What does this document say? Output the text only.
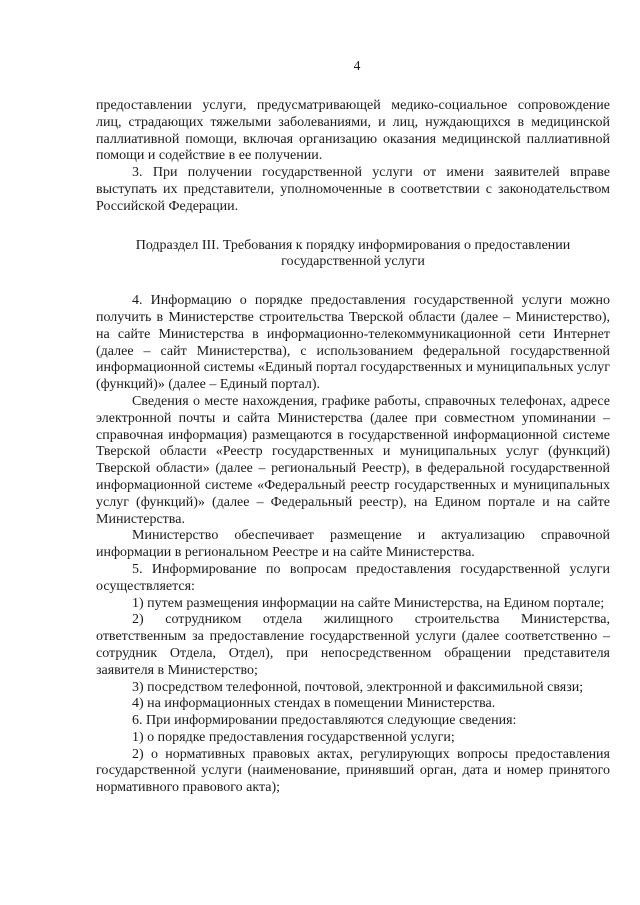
4

предоставлении услуги, предусматривающей медико-социальное сопровождение лиц, страдающих тяжелыми заболеваниями, и лиц, нуждающихся в медицинской паллиативной помощи, включая организацию оказания медицинской паллиативной помощи и содействие в ее получении.

3. При получении государственной услуги от имени заявителей вправе выступать их представители, уполномоченные в соответствии с законодательством Российской Федерации.

Подраздел III. Требования к порядку информирования о предоставлении государственной услуги

4. Информацию о порядке предоставления государственной услуги можно получить в Министерстве строительства Тверской области (далее – Министерство), на сайте Министерства в информационно-телекоммуникационной сети Интернет (далее – сайт Министерства), с использованием федеральной государственной информационной системы «Единый портал государственных и муниципальных услуг (функций)» (далее – Единый портал).

Сведения о месте нахождения, графике работы, справочных телефонах, адресе электронной почты и сайта Министерства (далее при совместном упоминании – справочная информация) размещаются в государственной информационной системе Тверской области «Реестр государственных и муниципальных услуг (функций) Тверской области» (далее – региональный Реестр), в федеральной государственной информационной системе «Федеральный реестр государственных и муниципальных услуг (функций)» (далее – Федеральный реестр), на Едином портале и на сайте Министерства.

Министерство обеспечивает размещение и актуализацию справочной информации в региональном Реестре и на сайте Министерства.

5. Информирование по вопросам предоставления государственной услуги осуществляется:

1) путем размещения информации на сайте Министерства, на Едином портале;

2) сотрудником отдела жилищного строительства Министерства, ответственным за предоставление государственной услуги (далее соответственно – сотрудник Отдела, Отдел), при непосредственном обращении представителя заявителя в Министерство;

3) посредством телефонной, почтовой, электронной и факсимильной связи;

4) на информационных стендах в помещении Министерства.

6. При информировании предоставляются следующие сведения:

1) о порядке предоставления государственной услуги;

2) о нормативных правовых актах, регулирующих вопросы предоставления государственной услуги (наименование, принявший орган, дата и номер принятого нормативного правового акта);
